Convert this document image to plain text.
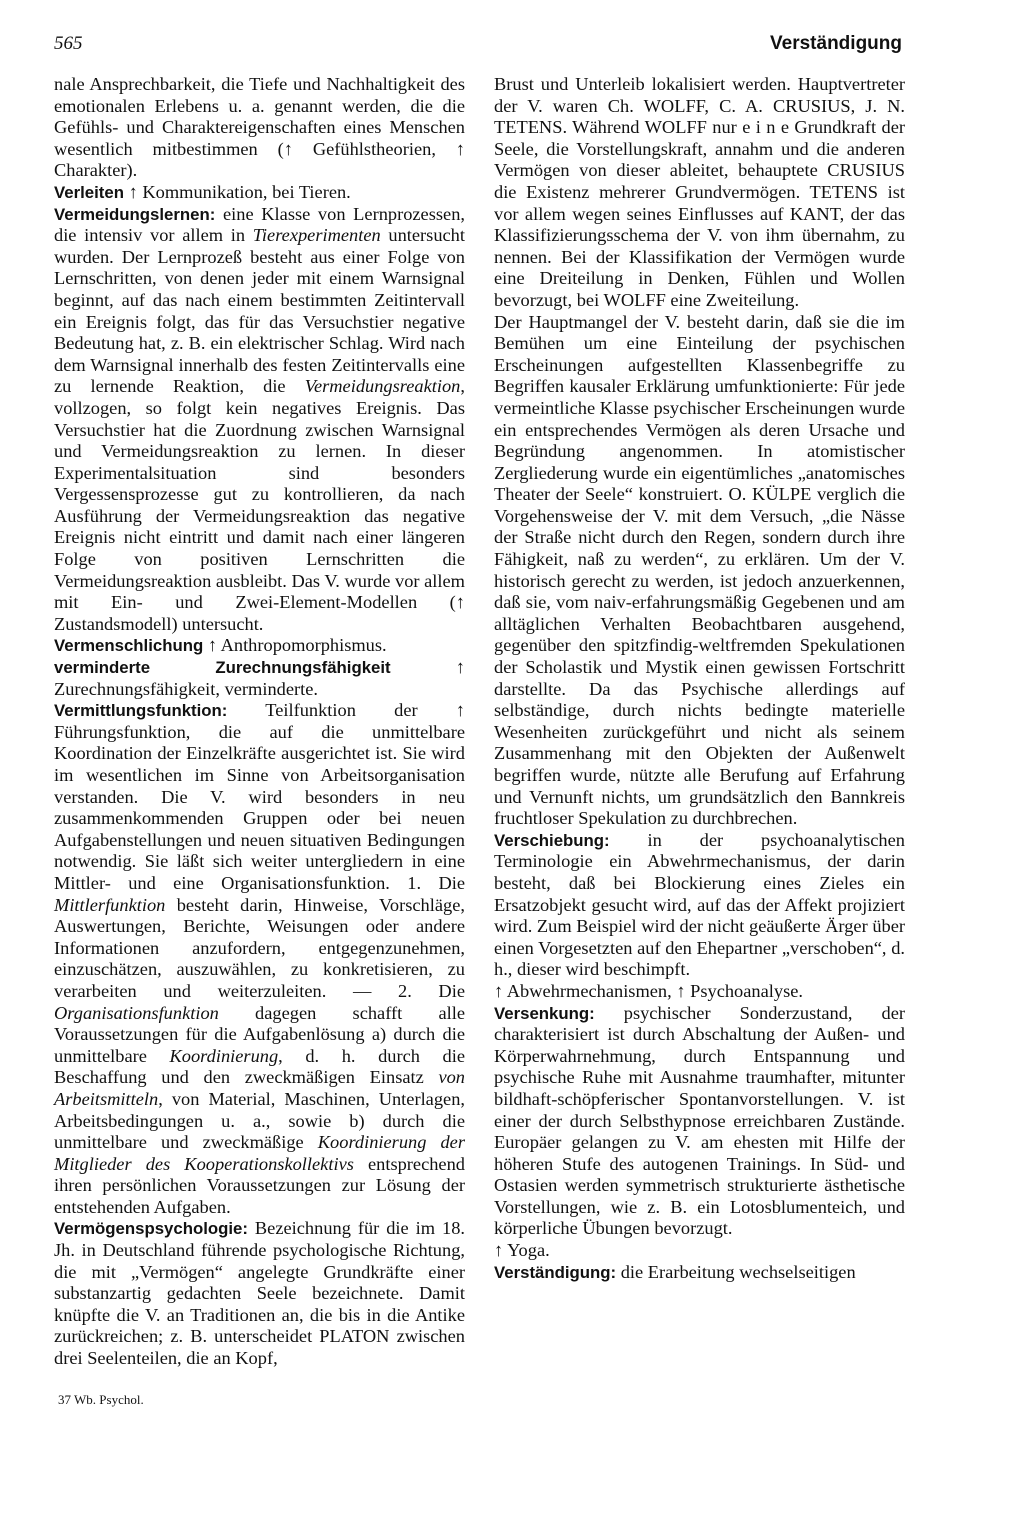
565	Verständigung

nale Ansprechbarkeit, die Tiefe und Nachhaltigkeit des emotionalen Erlebens u. a. genannt werden, die die Gefühls- und Charaktereigenschaften eines Menschen wesentlich mitbestimmen (↑ Gefühlstheorien, ↑ Charakter).

Verleiten ↑ Kommunikation, bei Tieren.

Vermeidungslernen: eine Klasse von Lernprozessen, die intensiv vor allem in Tierexperimenten untersucht wurden. Der Lernprozeß besteht aus einer Folge von Lernschritten, von denen jeder mit einem Warnsignal beginnt, auf das nach einem bestimmten Zeitintervall ein Ereignis folgt, das für das Versuchstier negative Bedeutung hat, z. B. ein elektrischer Schlag. Wird nach dem Warnsignal innerhalb des festen Zeitintervalls eine zu lernende Reaktion, die Vermeidungsreaktion, vollzogen, so folgt kein negatives Ereignis. Das Versuchstier hat die Zuordnung zwischen Warnsignal und Vermeidungsreaktion zu lernen. In dieser Experimentalsituation sind besonders Vergessensprozesse gut zu kontrollieren, da nach Ausführung der Vermeidungsreaktion das negative Ereignis nicht eintritt und damit nach einer längeren Folge von positiven Lernschritten die Vermeidungsreaktion ausbleibt. Das V. wurde vor allem mit Ein- und Zwei-Element-Modellen (↑ Zustandsmodell) untersucht.

Vermenschlichung ↑ Anthropomorphismus.

verminderte Zurechnungsfähigkeit ↑ Zurechnungsfähigkeit, verminderte.

Vermittlungsfunktion: Teilfunktion der ↑ Führungsfunktion, die auf die unmittelbare Koordination der Einzelkräfte ausgerichtet ist. Sie wird im wesentlichen im Sinne von Arbeitsorganisation verstanden. Die V. wird besonders in neu zusammenkommenden Gruppen oder bei neuen Aufgabenstellungen und neuen situativen Bedingungen notwendig. Sie läßt sich weiter untergliedern in eine Mittler- und eine Organisationsfunktion. 1. Die Mittlerfunktion besteht darin, Hinweise, Vorschläge, Auswertungen, Berichte, Weisungen oder andere Informationen anzufordern, entgegenzunehmen, einzuschätzen, auszuwählen, zu konkretisieren, zu verarbeiten und weiterzuleiten. — 2. Die Organisationsfunktion dagegen schafft alle Voraussetzungen für die Aufgabenlösung a) durch die unmittelbare Koordinierung, d. h. durch die Beschaffung und den zweckmäßigen Einsatz von Arbeitsmitteln, von Material, Maschinen, Unterlagen, Arbeitsbedingungen u. a., sowie b) durch die unmittelbare und zweckmäßige Koordinierung der Mitglieder des Kooperationskollektivs entsprechend ihren persönlichen Voraussetzungen zur Lösung der entstehenden Aufgaben.

Vermögenspsychologie: Bezeichnung für die im 18. Jh. in Deutschland führende psychologische Richtung, die mit „Vermögen“ angelegte Grundkräfte einer substanzartig gedachten Seele bezeichnete. Damit knüpfte die V. an Traditionen an, die bis in die Antike zurückreichen; z. B. unterscheidet PLATON zwischen drei Seelenteilen, die an Kopf,

Brust und Unterleib lokalisiert werden. Hauptvertreter der V. waren Ch. WOLFF, C. A. CRUSIUS, J. N. TETENS. Während WOLFF nur e i n e Grundkraft der Seele, die Vorstellungskraft, annahm und die anderen Vermögen von dieser ableitet, behauptete CRUSIUS die Existenz mehrerer Grundvermögen. TETENS ist vor allem wegen seines Einflusses auf KANT, der das Klassifizierungsschema der V. von ihm übernahm, zu nennen. Bei der Klassifikation der Vermögen wurde eine Dreiteilung in Denken, Fühlen und Wollen bevorzugt, bei WOLFF eine Zweiteilung.

Der Hauptmangel der V. besteht darin, daß sie die im Bemühen um eine Einteilung der psychischen Erscheinungen aufgestellten Klassenbegriffe zu Begriffen kausaler Erklärung umfunktionierte: Für jede vermeintliche Klasse psychischer Erscheinungen wurde ein entsprechendes Vermögen als deren Ursache und Begründung angenommen. In atomistischer Zergliederung wurde ein eigentümliches „anatomisches Theater der Seele“ konstruiert. O. KÜLPE verglich die Vorgehensweise der V. mit dem Versuch, „die Nässe der Straße nicht durch den Regen, sondern durch ihre Fähigkeit, naß zu werden“, zu erklären. Um der V. historisch gerecht zu werden, ist jedoch anzuerkennen, daß sie, vom naiv-erfahrungsmäßig Gegebenen und am alltäglichen Verhalten Beobachtbaren ausgehend, gegenüber den spitzfindig-weltfremden Spekulationen der Scholastik und Mystik einen gewissen Fortschritt darstellte. Da das Psychische allerdings auf selbständige, durch nichts bedingte materielle Wesenheiten zurückgeführt und nicht als seinem Zusammenhang mit den Objekten der Außenwelt begriffen wurde, nützte alle Berufung auf Erfahrung und Vernunft nichts, um grundsätzlich den Bannkreis fruchtloser Spekulation zu durchbrechen.

Verschiebung: in der psychoanalytischen Terminologie ein Abwehrmechanismus, der darin besteht, daß bei Blockierung eines Zieles ein Ersatzobjekt gesucht wird, auf das der Affekt projiziert wird. Zum Beispiel wird der nicht geäußerte Ärger über einen Vorgesetzten auf den Ehepartner „verschoben“, d. h., dieser wird beschimpft.

↑ Abwehrmechanismen, ↑ Psychoanalyse.

Versenkung: psychischer Sonderzustand, der charakterisiert ist durch Abschaltung der Außen- und Körperwahrnehmung, durch Entspannung und psychische Ruhe mit Ausnahme traumhafter, mitunter bildhaft-schöpferischer Spontanvorstellungen. V. ist einer der durch Selbsthypnose erreichbaren Zustände. Europäer gelangen zu V. am ehesten mit Hilfe der höheren Stufe des autogenen Trainings. In Süd- und Ostasien werden symmetrisch strukturierte ästhetische Vorstellungen, wie z. B. ein Lotosblumenteich, und körperliche Übungen bevorzugt.

↑ Yoga.

Verständigung: die Erarbeitung wechselseitigen

37 Wb. Psychol.
